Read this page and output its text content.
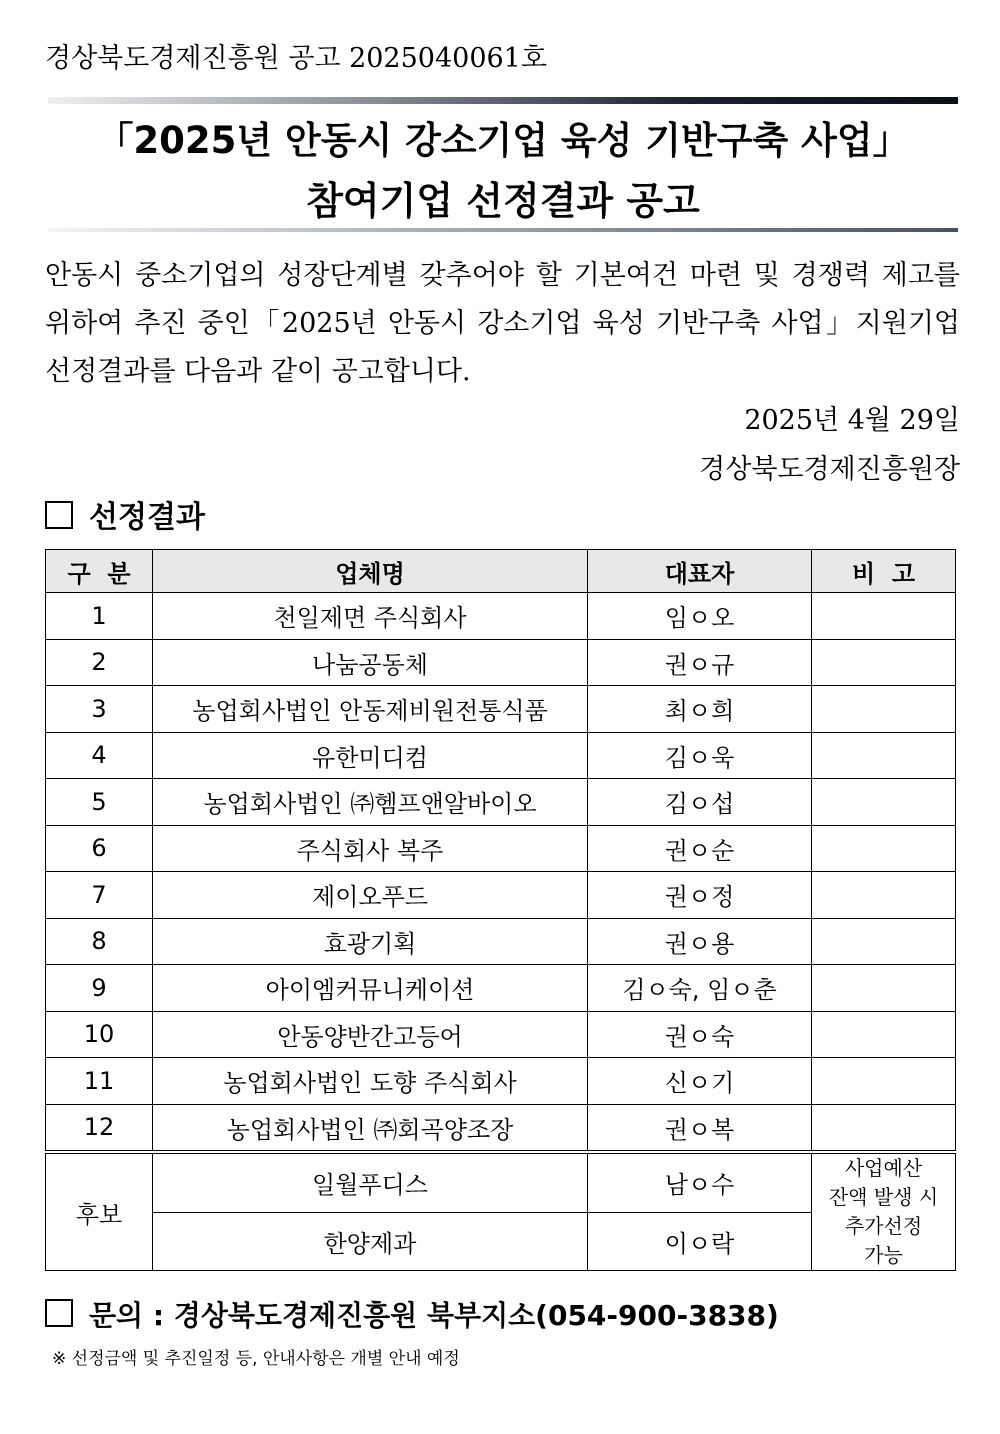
경상북도경제진흥원 공고 2025040061호
「2025년 안동시 강소기업 육성 기반구축 사업」
참여기업 선정결과 공고
안동시 중소기업의 성장단계별 갖추어야 할 기본여건 마련 및 경쟁력 제고를 위하여 추진 중인「2025년 안동시 강소기업 육성 기반구축 사업」지원기업 선정결과를 다음과 같이 공고합니다.
2025년 4월 29일
경상북도경제진흥원장
선정결과
구  분	업체명	대표자	비  고
1	천일제면 주식회사	임ㅇ오	
2	나눔공동체	권ㅇ규	
3	농업회사법인 안동제비원전통식품	최ㅇ희	
4	유한미디컴	김ㅇ욱	
5	농업회사법인 ㈜헴프앤알바이오	김ㅇ섭	
6	주식회사 복주	권ㅇ순	
7	제이오푸드	권ㅇ정	
8	효광기획	권ㅇ용	
9	아이엠커뮤니케이션	김ㅇ숙, 임ㅇ춘	
10	안동양반간고등어	권ㅇ숙	
11	농업회사법인 도향 주식회사	신ㅇ기	
12	농업회사법인 ㈜회곡양조장	권ㅇ복	
후보	일월푸디스	남ㅇ수	사업예산
잔액 발생 시
추가선정
가능
	한양제과	이ㅇ락	
문의 : 경상북도경제진흥원 북부지소(054-900-3838)
※ 선정금액 및 추진일정 등, 안내사항은 개별 안내 예정
